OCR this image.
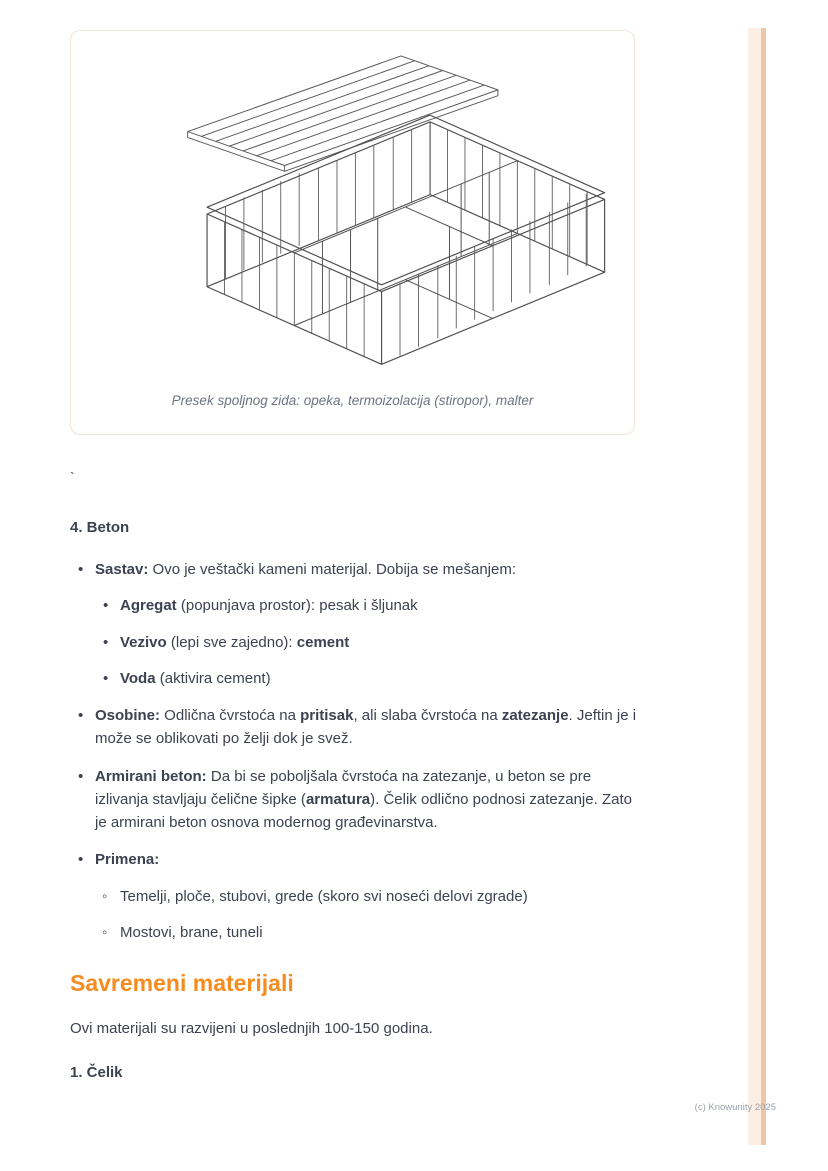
Presek spoljnog zida: opeka, termoizolacija (stiropor), malter
`
4. Beton
• Sastav: Ovo je veštački kameni materijal. Dobija se mešanjem:
• Agregat (popunjava prostor): pesak i šljunak
• Vezivo (lepi sve zajedno): cement
• Voda (aktivira cement)
• Osobine: Odlična čvrstoća na pritisak, ali slaba čvrstoća na zatezanje. Jeftin je i može se oblikovati po želji dok je svež.
• Armirani beton: Da bi se poboljšala čvrstoća na zatezanje, u beton se pre izlivanja stavljaju čelične šipke (armatura). Čelik odlično podnosi zatezanje. Zato je armirani beton osnova modernog građevinarstva.
• Primena:
◦ Temelji, ploče, stubovi, grede (skoro svi noseći delovi zgrade)
◦ Mostovi, brane, tuneli
Savremeni materijali

Ovi materijali su razvijeni u poslednjih 100-150 godina.

1. Čelik

(c) Knowunity 2025
